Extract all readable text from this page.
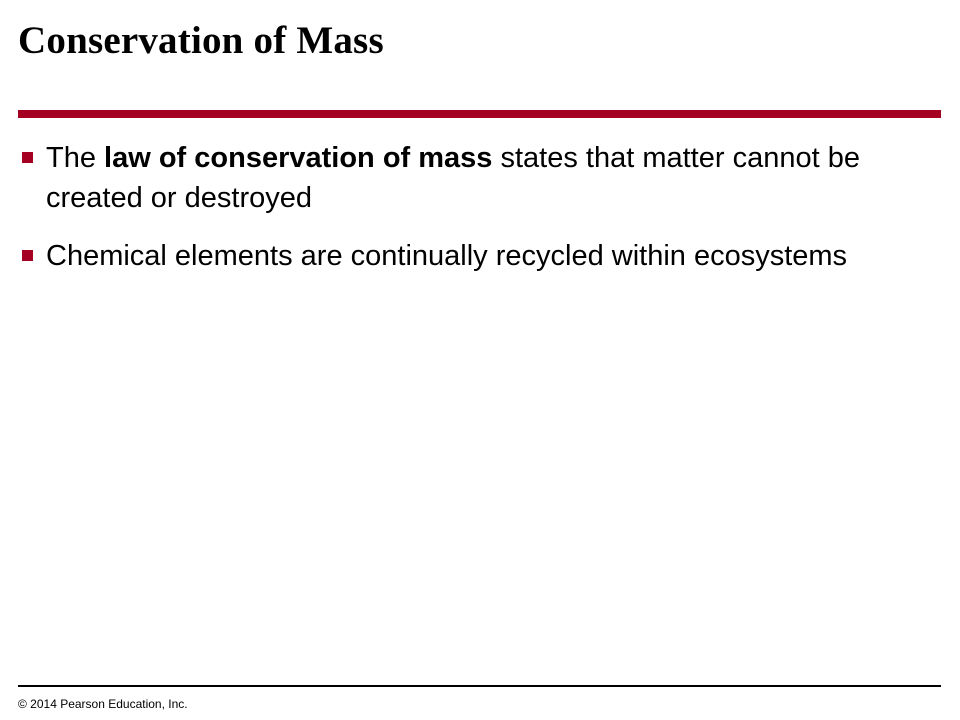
Conservation of Mass
The law of conservation of mass states that matter cannot be created or destroyed
Chemical elements are continually recycled within ecosystems
© 2014 Pearson Education, Inc.
